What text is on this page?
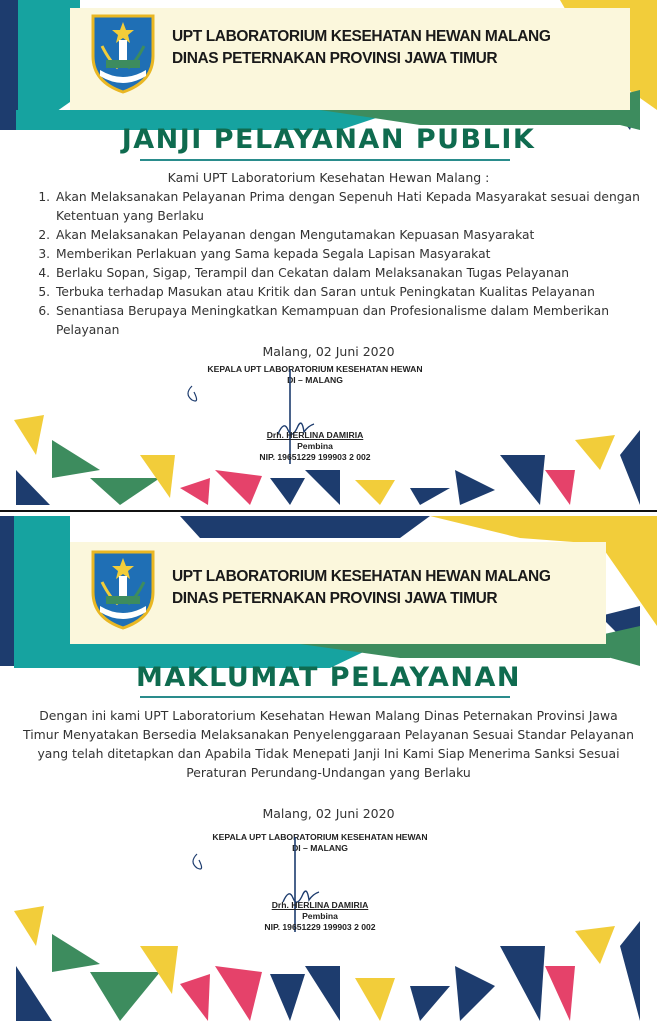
UPT LABORATORIUM KESEHATAN HEWAN MALANG
DINAS PETERNAKAN PROVINSI JAWA TIMUR
JANJI PELAYANAN PUBLIK
Kami UPT Laboratorium Kesehatan Hewan Malang :
1. Akan Melaksanakan Pelayanan Prima dengan Sepenuh Hati Kepada Masyarakat sesuai dengan Ketentuan yang Berlaku
2. Akan Melaksanakan Pelayanan dengan Mengutamakan Kepuasan Masyarakat
3. Memberikan Perlakuan yang Sama kepada Segala Lapisan Masyarakat
4. Berlaku Sopan, Sigap, Terampil dan Cekatan dalam Melaksanakan Tugas Pelayanan
5. Terbuka terhadap Masukan atau Kritik dan Saran untuk Peningkatan Kualitas Pelayanan
6. Senantiasa Berupaya Meningkatkan Kemampuan dan Profesionalisme dalam Memberikan Pelayanan
Malang, 02 Juni 2020
KEPALA UPT LABORATORIUM KESEHATAN HEWAN
DI – MALANG
Drh. HERLINA DAMIRIA
Pembina
NIP. 19651229 199903 2 002
UPT LABORATORIUM KESEHATAN HEWAN MALANG
DINAS PETERNAKAN PROVINSI JAWA TIMUR
MAKLUMAT PELAYANAN
Dengan ini kami UPT Laboratorium Kesehatan Hewan Malang Dinas Peternakan Provinsi Jawa Timur Menyatakan Bersedia Melaksanakan Penyelenggaraan Pelayanan Sesuai Standar Pelayanan yang telah ditetapkan dan Apabila Tidak Menepati Janji Ini Kami Siap Menerima Sanksi Sesuai Peraturan Perundang-Undangan yang Berlaku
Malang, 02 Juni 2020
KEPALA UPT LABORATORIUM KESEHATAN HEWAN
DI – MALANG
Drh. HERLINA DAMIRIA
Pembina
NIP. 19651229 199903 2 002
